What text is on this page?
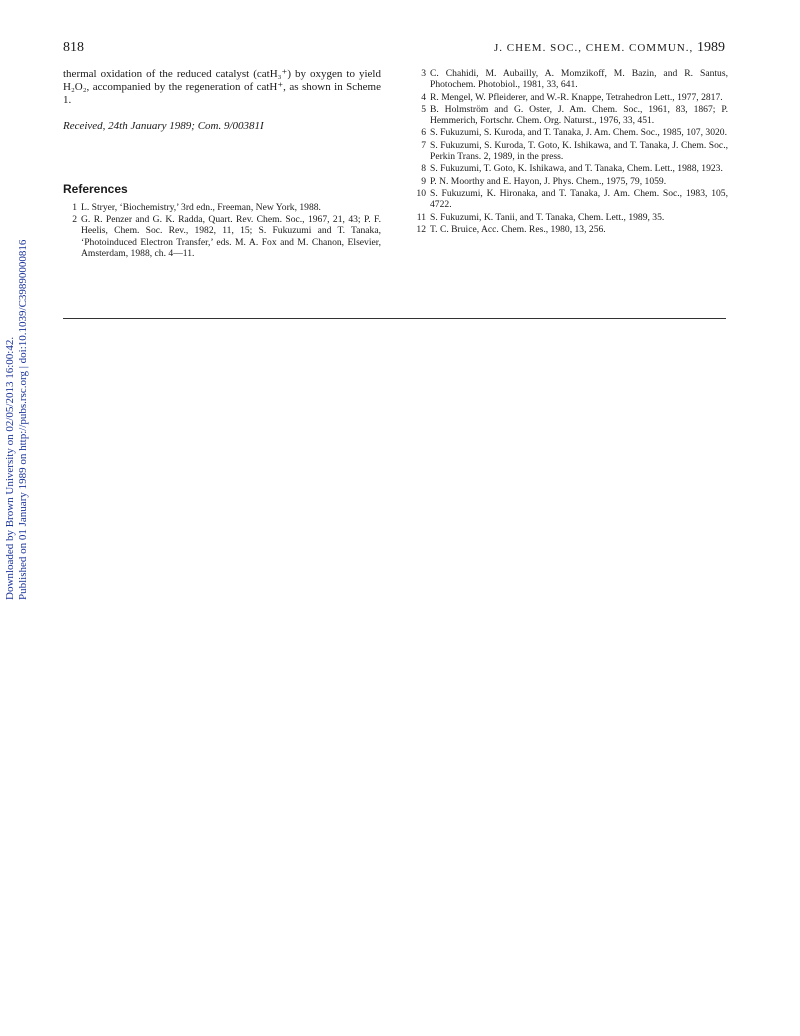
818	J. CHEM. SOC., CHEM. COMMUN., 1989

thermal oxidation of the reduced catalyst (catH₃⁺) by oxygen to yield H₂O₂, accompanied by the regeneration of catH⁺, as shown in Scheme 1.

Received, 24th January 1989; Com. 9/00381I

References
1 L. Stryer, ‘Biochemistry,’ 3rd edn., Freeman, New York, 1988.
2 G. R. Penzer and G. K. Radda, Quart. Rev. Chem. Soc., 1967, 21, 43; P. F. Heelis, Chem. Soc. Rev., 1982, 11, 15; S. Fukuzumi and T. Tanaka, ‘Photoinduced Electron Transfer,’ eds. M. A. Fox and M. Chanon, Elsevier, Amsterdam, 1988, ch. 4—11.
3 C. Chahidi, M. Aubailly, A. Momzikoff, M. Bazin, and R. Santus, Photochem. Photobiol., 1981, 33, 641.
4 R. Mengel, W. Pfleiderer, and W.-R. Knappe, Tetrahedron Lett., 1977, 2817.
5 B. Holmström and G. Oster, J. Am. Chem. Soc., 1961, 83, 1867; P. Hemmerich, Fortschr. Chem. Org. Naturst., 1976, 33, 451.
6 S. Fukuzumi, S. Kuroda, and T. Tanaka, J. Am. Chem. Soc., 1985, 107, 3020.
7 S. Fukuzumi, S. Kuroda, T. Goto, K. Ishikawa, and T. Tanaka, J. Chem. Soc., Perkin Trans. 2, 1989, in the press.
8 S. Fukuzumi, T. Goto, K. Ishikawa, and T. Tanaka, Chem. Lett., 1988, 1923.
9 P. N. Moorthy and E. Hayon, J. Phys. Chem., 1975, 79, 1059.
10 S. Fukuzumi, K. Hironaka, and T. Tanaka, J. Am. Chem. Soc., 1983, 105, 4722.
11 S. Fukuzumi, K. Tanii, and T. Tanaka, Chem. Lett., 1989, 35.
12 T. C. Bruice, Acc. Chem. Res., 1980, 13, 256.
Downloaded by Brown University on 02/05/2013 16:00:42. Published on 01 January 1989 on http://pubs.rsc.org | doi:10.1039/C39890000816
